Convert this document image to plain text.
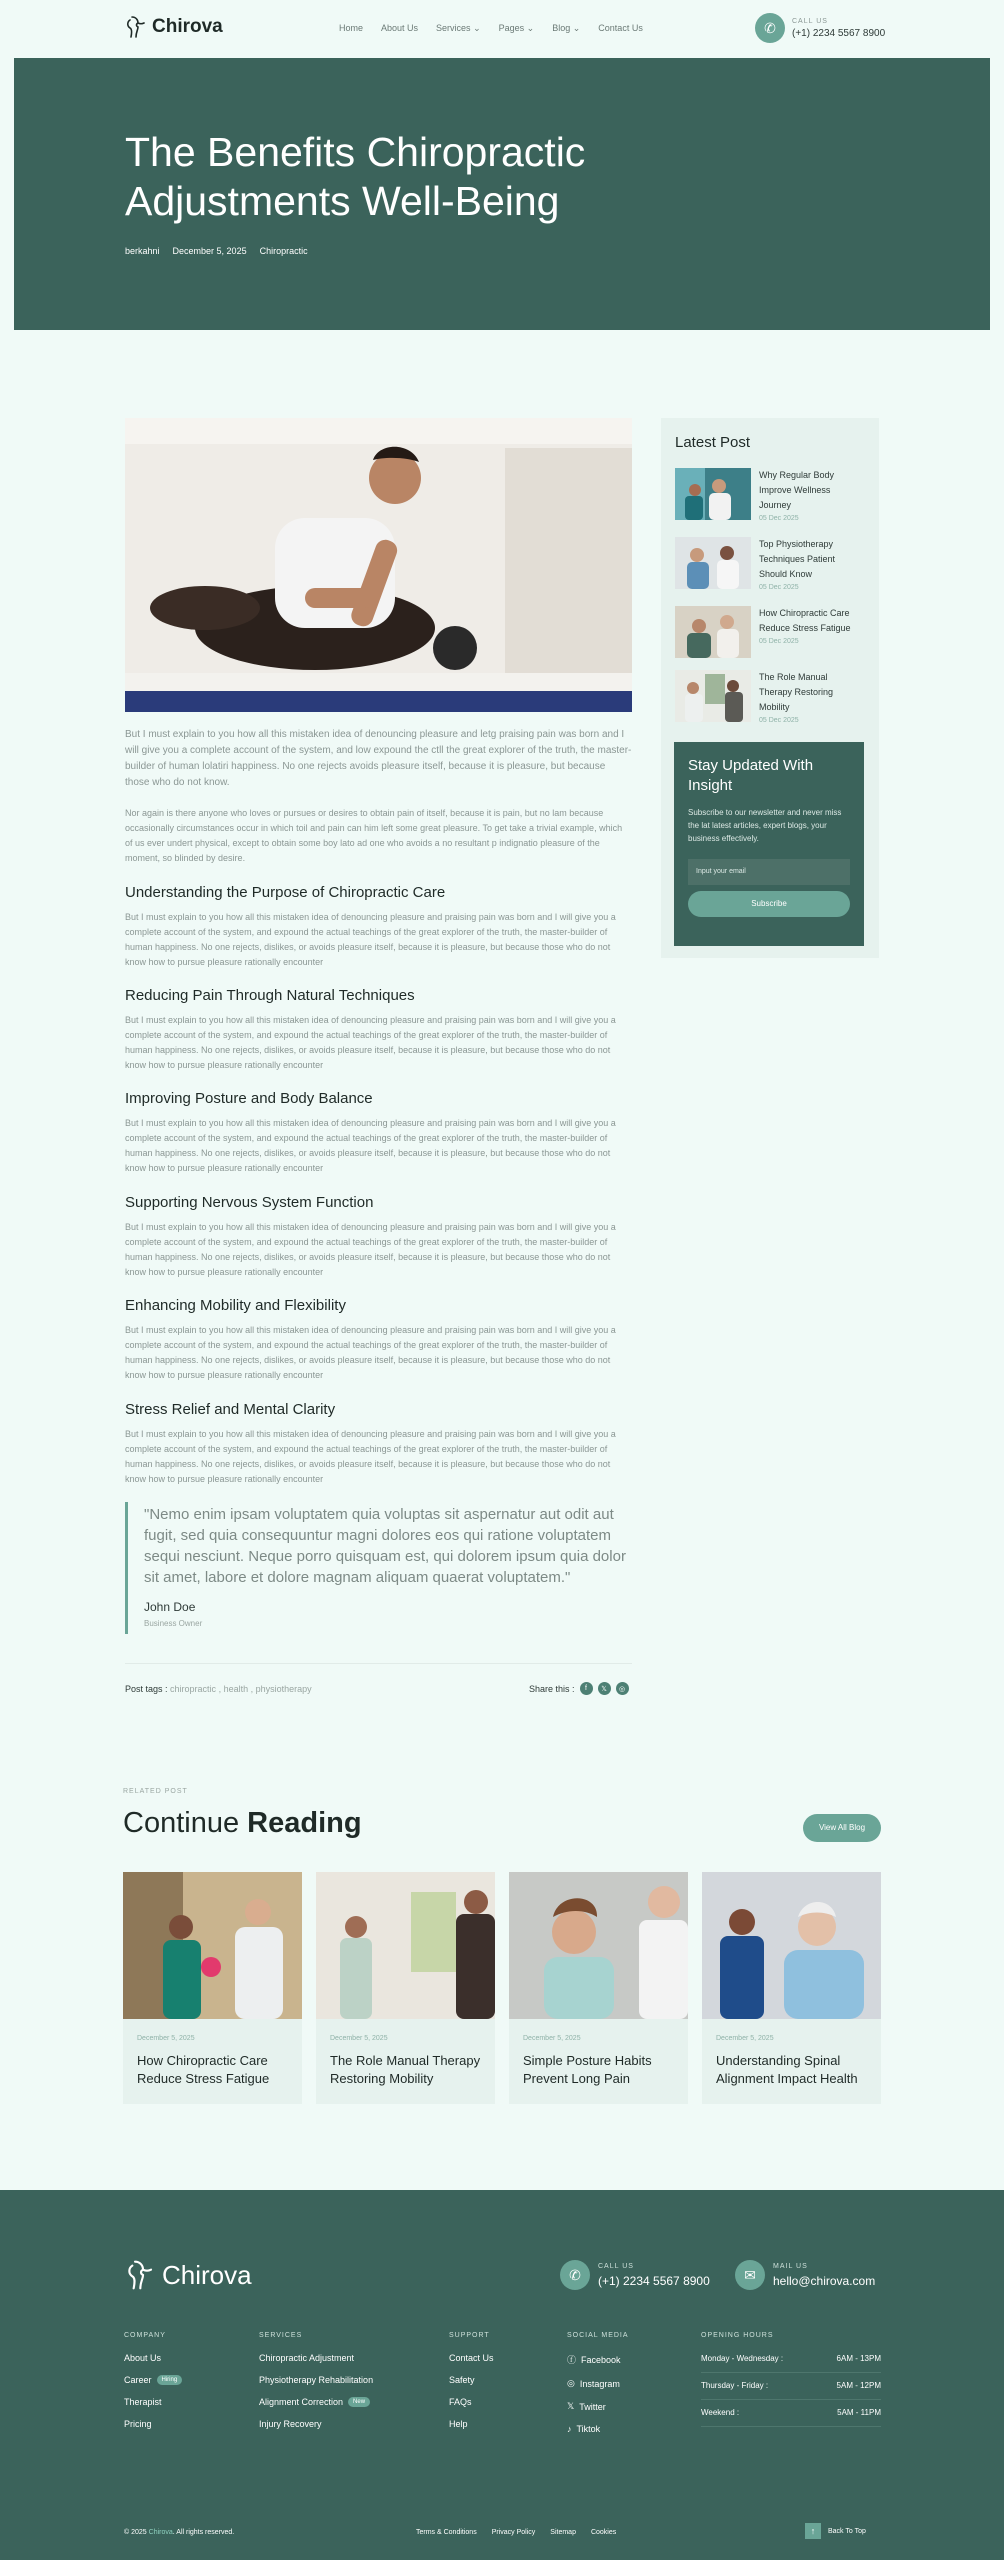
Chirova	Home About Us Services ⌄ Pages ⌄ Blog ⌄ Contact Us	✆	CALL US
(+1) 2234 5567 8900
The Benefits Chiropractic Adjustments Well-Being
berkahni December 5, 2025 Chiropractic
But I must explain to you how all this mistaken idea of denouncing pleasure and letg praising pain was born and I will give you a complete account of the system, and low expound the ctll the great explorer of the truth, the master-builder of human lolatiri happiness. No one rejects avoids pleasure itself, because it is pleasure, but because those who do not know.
Nor again is there anyone who loves or pursues or desires to obtain pain of itself, because it is pain, but no lam because occasionally circumstances occur in which toil and pain can him left some great pleasure. To get take a trivial example, which of us ever undert physical, except to obtain some boy lato ad one who avoids a no resultant p indignatio pleasure of the moment, so blinded by desire.
Understanding the Purpose of Chiropractic Care
But I must explain to you how all this mistaken idea of denouncing pleasure and praising pain was born and I will give you a complete account of the system, and expound the actual teachings of the great explorer of the truth, the master-builder of human happiness. No one rejects, dislikes, or avoids pleasure itself, because it is pleasure, but because those who do not know how to pursue pleasure rationally encounter
Reducing Pain Through Natural Techniques
But I must explain to you how all this mistaken idea of denouncing pleasure and praising pain was born and I will give you a complete account of the system, and expound the actual teachings of the great explorer of the truth, the master-builder of human happiness. No one rejects, dislikes, or avoids pleasure itself, because it is pleasure, but because those who do not know how to pursue pleasure rationally encounter
Improving Posture and Body Balance
But I must explain to you how all this mistaken idea of denouncing pleasure and praising pain was born and I will give you a complete account of the system, and expound the actual teachings of the great explorer of the truth, the master-builder of human happiness. No one rejects, dislikes, or avoids pleasure itself, because it is pleasure, but because those who do not know how to pursue pleasure rationally encounter
Supporting Nervous System Function
But I must explain to you how all this mistaken idea of denouncing pleasure and praising pain was born and I will give you a complete account of the system, and expound the actual teachings of the great explorer of the truth, the master-builder of human happiness. No one rejects, dislikes, or avoids pleasure itself, because it is pleasure, but because those who do not know how to pursue pleasure rationally encounter
Enhancing Mobility and Flexibility
But I must explain to you how all this mistaken idea of denouncing pleasure and praising pain was born and I will give you a complete account of the system, and expound the actual teachings of the great explorer of the truth, the master-builder of human happiness. No one rejects, dislikes, or avoids pleasure itself, because it is pleasure, but because those who do not know how to pursue pleasure rationally encounter
Stress Relief and Mental Clarity
But I must explain to you how all this mistaken idea of denouncing pleasure and praising pain was born and I will give you a complete account of the system, and expound the actual teachings of the great explorer of the truth, the master-builder of human happiness. No one rejects, dislikes, or avoids pleasure itself, because it is pleasure, but because those who do not know how to pursue pleasure rationally encounter

"Nemo enim ipsam voluptatem quia voluptas sit aspernatur aut odit aut fugit, sed quia consequuntur magni dolores eos qui ratione voluptatem sequi nesciunt. Neque porro quisquam est, qui dolorem ipsum quia dolor sit amet, labore et dolore magnam aliquam quaerat voluptatem."

John Doe
Business Owner
Post tags : chiropractic , health , physiotherapy	Share this :	f	𝕏	◎
Latest Post
Why Regular Body Improve Wellness Journey
05 Dec 2025
Top Physiotherapy Techniques Patient Should Know
05 Dec 2025
How Chiropractic Care Reduce Stress Fatigue
05 Dec 2025
The Role Manual Therapy Restoring Mobility
05 Dec 2025
Stay Updated With Insight

Subscribe to our newsletter and never miss the lat latest articles, expert blogs, your business effectively.

Input your email
Subscribe
RELATED POST
Continue Reading	View All Blog
December 5, 2025
How Chiropractic Care Reduce Stress Fatigue
December 5, 2025
The Role Manual Therapy Restoring Mobility
December 5, 2025
Simple Posture Habits Prevent Long Pain
December 5, 2025
Understanding Spinal Alignment Impact Health
Chirova	✆
CALL US
(+1) 2234 5567 8900	✉
MAIL US
hello@chirova.com
COMPANY
About Us
Career	Hiring
Therapist
Pricing
SERVICES
Chiropractic Adjustment
Physiotherapy Rehabilitation
Alignment Correction	New
Injury Recovery
SUPPORT
Contact Us
Safety
FAQs
Help
SOCIAL MEDIA
ⓕ Facebook
◎ Instagram
𝕏 Twitter
♪ Tiktok
OPENING HOURS
Monday - Wednesday :	6AM - 13PM
Thursday - Friday :	5AM - 12PM
Weekend :	5AM - 11PM
© 2025 Chirova. All rights reserved.	Terms & Conditions Privacy Policy Sitemap Cookies	↑	Back To Top
